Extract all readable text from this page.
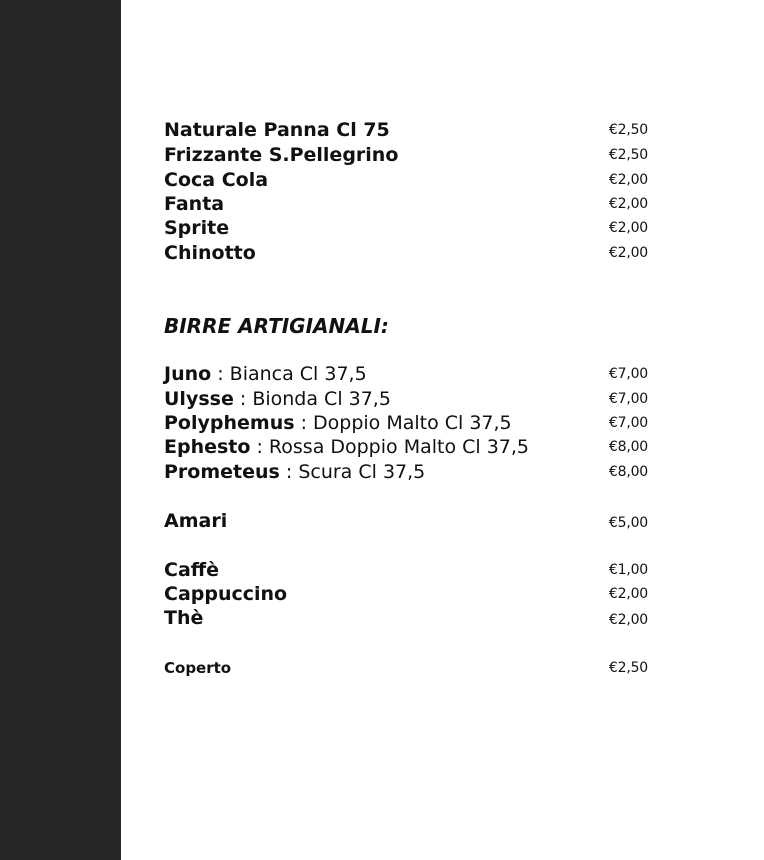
Naturale Panna Cl 75	€2,50
Frizzante S.Pellegrino	€2,50
Coca Cola	€2,00
Fanta	€2,00
Sprite	€2,00
Chinotto	€2,00
BIRRE ARTIGIANALI:
Juno : Bianca Cl 37,5	€7,00
Ulysse : Bionda Cl 37,5	€7,00
Polyphemus : Doppio Malto Cl 37,5	€7,00
Ephesto : Rossa Doppio Malto Cl 37,5	€8,00
Prometeus : Scura Cl 37,5	€8,00
Amari	€5,00
Caffè	€1,00
Cappuccino	€2,00
Thè	€2,00
Coperto	€2,50
